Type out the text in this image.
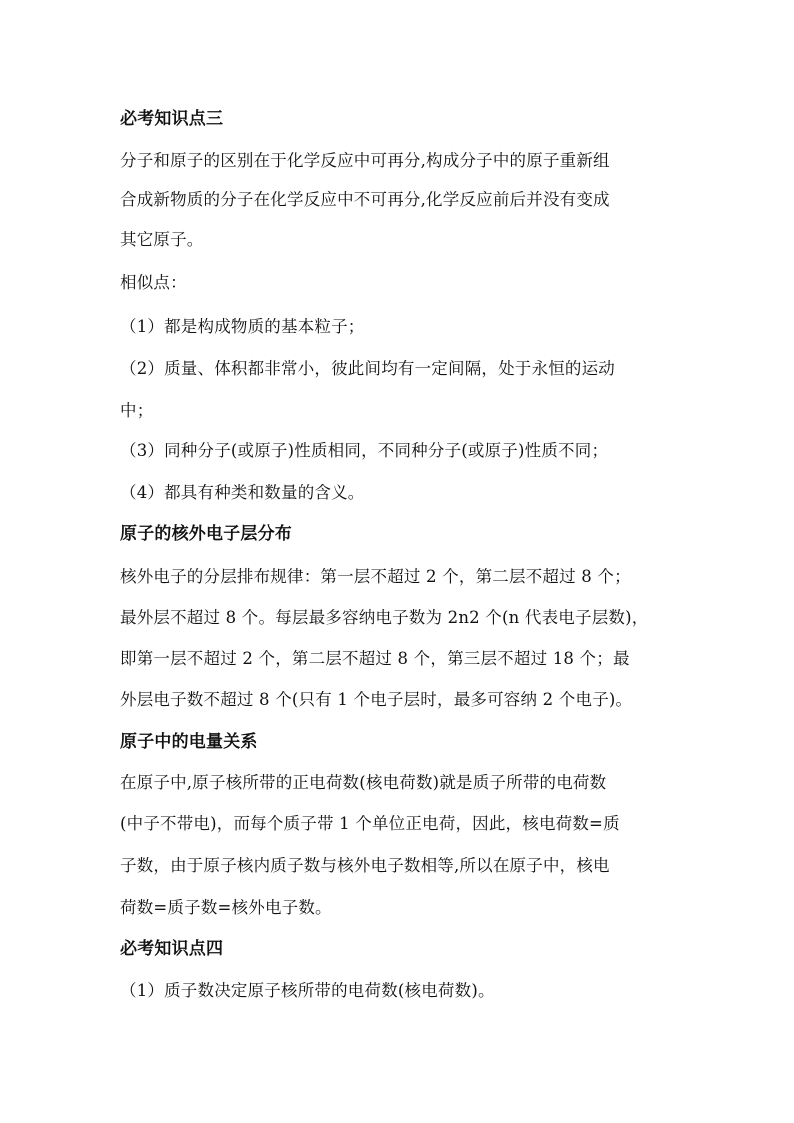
必考知识点三
分子和原子的区别在于化学反应中可再分,构成分子中的原子重新组
合成新物质的分子在化学反应中不可再分,化学反应前后并没有变成
其它原子。
相似点：
（1）都是构成物质的基本粒子；
（2）质量、体积都非常小，彼此间均有一定间隔，处于永恒的运动
中；
（3）同种分子(或原子)性质相同，不同种分子(或原子)性质不同；
（4）都具有种类和数量的含义。
原子的核外电子层分布
核外电子的分层排布规律：第一层不超过 2 个，第二层不超过 8 个；
最外层不超过 8 个。每层最多容纳电子数为 2n2 个(n 代表电子层数)，
即第一层不超过 2 个，第二层不超过 8 个，第三层不超过 18 个；最
外层电子数不超过 8 个(只有 1 个电子层时，最多可容纳 2 个电子)。
原子中的电量关系
在原子中,原子核所带的正电荷数(核电荷数)就是质子所带的电荷数
(中子不带电)，而每个质子带 1 个单位正电荷，因此，核电荷数=质
子数，由于原子核内质子数与核外电子数相等,所以在原子中，核电
荷数=质子数=核外电子数。
必考知识点四
（1）质子数决定原子核所带的电荷数(核电荷数)。
